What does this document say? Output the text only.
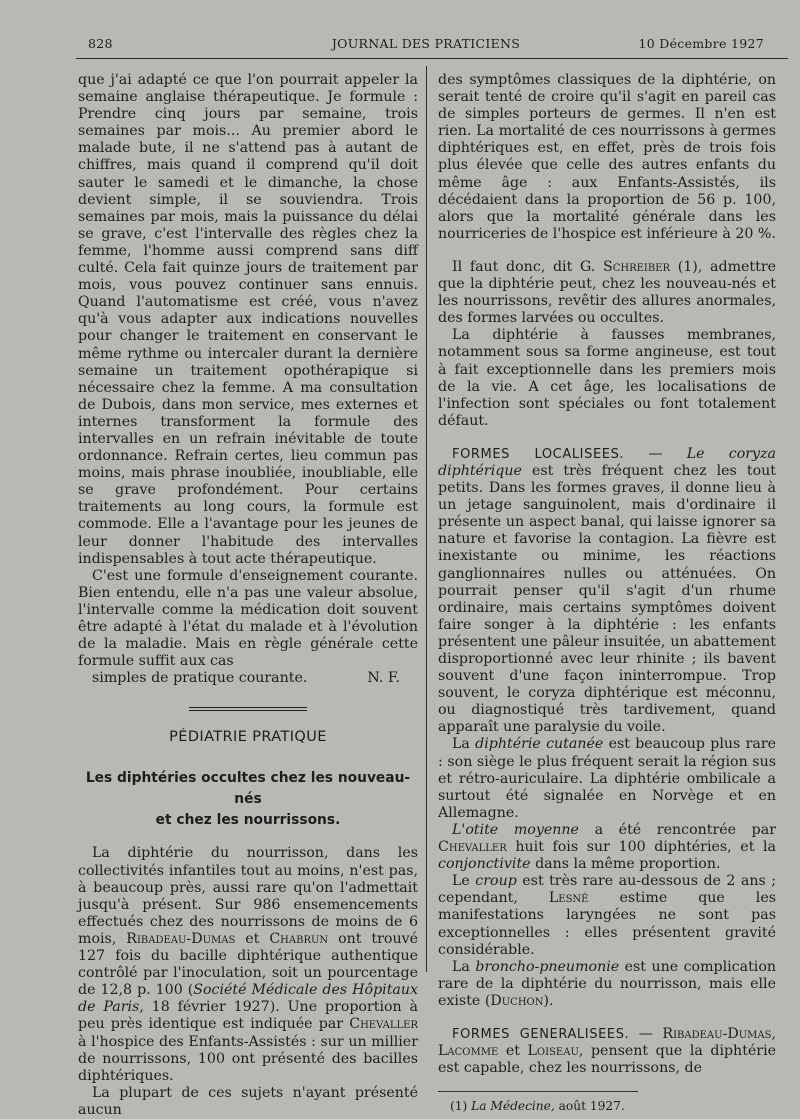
828	JOURNAL DES PRATICIENS	10 Décembre 1927

que j'ai adapté ce que l'on pourrait appeler la semaine anglaise thérapeutique. Je formule : Prendre cinq jours par semaine, trois semaines par mois... Au premier abord le malade bute, il ne s'attend pas à autant de chiffres, mais quand il comprend qu'il doit sauter le samedi et le dimanche, la chose devient simple, il se souviendra. Trois semaines par mois, mais la puissance du délai se grave, c'est l'intervalle des règles chez la femme, l'homme aussi comprend sans diff culté. Cela fait quinze jours de traitement par mois, vous pouvez continuer sans ennuis. Quand l'automatisme est créé, vous n'avez qu'à vous adapter aux indications nouvelles pour changer le traitement en conservant le même rythme ou intercaler durant la dernière semaine un traitement opothérapique si nécessaire chez la femme. A ma consultation de Dubois, dans mon service, mes externes et internes transforment la formule des intervalles en un refrain inévitable de toute ordonnance. Refrain certes, lieu commun pas moins, mais phrase inoubliée, inoubliable, elle se grave profondément. Pour certains traitements au long cours, la formule est commode. Elle a l'avantage pour les jeunes de leur donner l'habitude des intervalles indispensables à tout acte thérapeutique.

C'est une formule d'enseignement courante. Bien entendu, elle n'a pas une valeur absolue, l'intervalle comme la médication doit souvent être adapté à l'état du malade et à l'évolution de la maladie. Mais en règle générale cette formule suffit aux cas
simples de pratique courante.	N. F.

PÉDIATRIE PRATIQUE
Les diphtéries occultes chez les nouveau-nés
et chez les nourrissons.

La diphtérie du nourrisson, dans les collectivités infantiles tout au moins, n'est pas, à beaucoup près, aussi rare qu'on l'admettait jusqu'à présent. Sur 986 ensemencements effectués chez des nourrissons de moins de 6 mois, Ribadeau-Dumas et Chabrun ont trouvé 127 fois du bacille diphtérique authentique contrôlé par l'inoculation, soit un pourcentage de 12,8 p. 100 (Société Médicale des Hôpitaux de Paris, 18 février 1927). Une proportion à peu près identique est indiquée par Chevaller à l'hospice des Enfants-Assistés : sur un millier de nourrissons, 100 ont présenté des bacilles diphtériques.

La plupart de ces sujets n'ayant présenté aucun

des symptômes classiques de la diphtérie, on serait tenté de croire qu'il s'agit en pareil cas de simples porteurs de germes. Il n'en est rien. La mortalité de ces nourrissons à germes diphtériques est, en effet, près de trois fois plus élevée que celle des autres enfants du même âge : aux Enfants-Assistés, ils décédaient dans la proportion de 56 p. 100, alors que la mortalité générale dans les nourriceries de l'hospice est inférieure à 20 %.

Il faut donc, dit G. Schreiber (1), admettre que la diphtérie peut, chez les nouveau-nés et les nourrissons, revêtir des allures anormales, des formes larvées ou occultes.

La diphtérie à fausses membranes, notamment sous sa forme angineuse, est tout à fait exceptionnelle dans les premiers mois de la vie. A cet âge, les localisations de l'infection sont spéciales ou font totalement défaut.

FORMES LOCALISEES. — Le coryza diphtérique est très fréquent chez les tout petits. Dans les formes graves, il donne lieu à un jetage sanguinolent, mais d'ordinaire il présente un aspect banal, qui laisse ignorer sa nature et favorise la contagion. La fièvre est inexistante ou minime, les réactions ganglionnaires nulles ou atténuées. On pourrait penser qu'il s'agit d'un rhume ordinaire, mais certains symptômes doivent faire songer à la diphtérie : les enfants présentent une pâleur insuitée, un abattement disproportionné avec leur rhinite ; ils bavent souvent d'une façon ininterrompue. Trop souvent, le coryza diphtérique est méconnu, ou diagnostiqué très tardivement, quand apparaît une paralysie du voile.

La diphtérie cutanée est beaucoup plus rare : son siège le plus fréquent serait la région sus et rétro-auriculaire. La diphtérie ombilicale a surtout été signalée en Norvège et en Allemagne.

L'otite moyenne a été rencontrée par Chevaller huit fois sur 100 diphtéries, et la conjonctivite dans la même proportion.

Le croup est très rare au-dessous de 2 ans ; cependant, Lesné estime que les manifestations laryngées ne sont pas exceptionnelles : elles présentent gravité considérable.

La broncho-pneumonie est une complication rare de la diphtérie du nourrisson, mais elle existe (Duchon).

FORMES GENERALISEES. — Ribadeau-Dumas, Lacomme et Loiseau, pensent que la diphtérie est capable, chez les nourrissons, de

(1) La Médecine, août 1927.
